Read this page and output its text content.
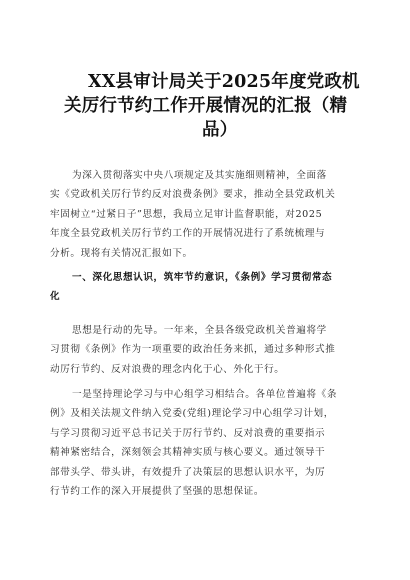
XX县审计局关于2025年度党政机
关厉行节约工作开展情况的汇报（精
品）
为深入贯彻落实中央八项规定及其实施细则精神，全面落
实《党政机关厉行节约反对浪费条例》要求，推动全县党政机关
牢固树立“过紧日子”思想，我局立足审计监督职能，对2025
年度全县党政机关厉行节约工作的开展情况进行了系统梳理与
分析。现将有关情况汇报如下。
一、深化思想认识，筑牢节约意识，《条例》学习贯彻常态
化
思想是行动的先导。一年来，全县各级党政机关普遍将学
习贯彻《条例》作为一项重要的政治任务来抓，通过多种形式推
动厉行节约、反对浪费的理念内化于心、外化于行。
一是坚持理论学习与中心组学习相结合。各单位普遍将《条
例》及相关法规文件纳入党委(党组)理论学习中心组学习计划，
与学习贯彻习近平总书记关于厉行节约、反对浪费的重要指示
精神紧密结合，深刻领会其精神实质与核心要义。通过领导干
部带头学、带头讲，有效提升了决策层的思想认识水平，为厉
行节约工作的深入开展提供了坚强的思想保证。
